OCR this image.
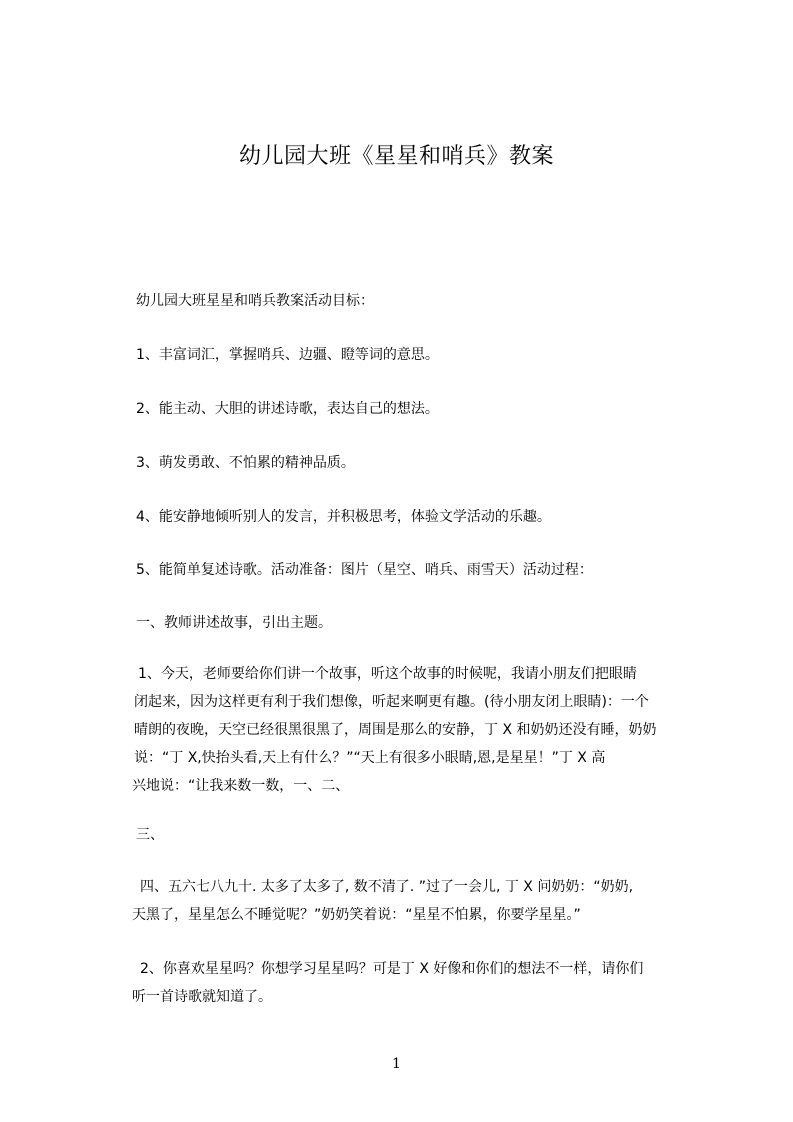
幼儿园大班《星星和哨兵》教案
幼儿园大班星星和哨兵教案活动目标：
1、丰富词汇，掌握哨兵、边疆、瞪等词的意思。
2、能主动、大胆的讲述诗歌，表达自己的想法。
3、萌发勇敢、不怕累的精神品质。
4、能安静地倾听别人的发言，并积极思考，体验文学活动的乐趣。
5、能简单复述诗歌。活动准备：图片（星空、哨兵、雨雪天）活动过程：
一、教师讲述故事，引出主题。
1、今天，老师要给你们讲一个故事，听这个故事的时候呢，我请小朋友们把眼睛
闭起来，因为这样更有利于我们想像，听起来啊更有趣。(待小朋友闭上眼睛)：一个
晴朗的夜晚，天空已经很黑很黑了，周围是那么的安静，丁 X 和奶奶还没有睡，奶奶
说：“丁 X,快抬头看,天上有什么？”“天上有很多小眼睛,恩,是星星！”丁 X 高
兴地说：“让我来数一数，一、二、
三、
四、五六七八九十. 太多了太多了, 数不清了. ”过了一会儿, 丁 X 问奶奶：“奶奶,
天黑了，星星怎么不睡觉呢？”奶奶笑着说：“星星不怕累，你要学星星。”
2、你喜欢星星吗？你想学习星星吗？可是丁 X 好像和你们的想法不一样，请你们
听一首诗歌就知道了。
1
